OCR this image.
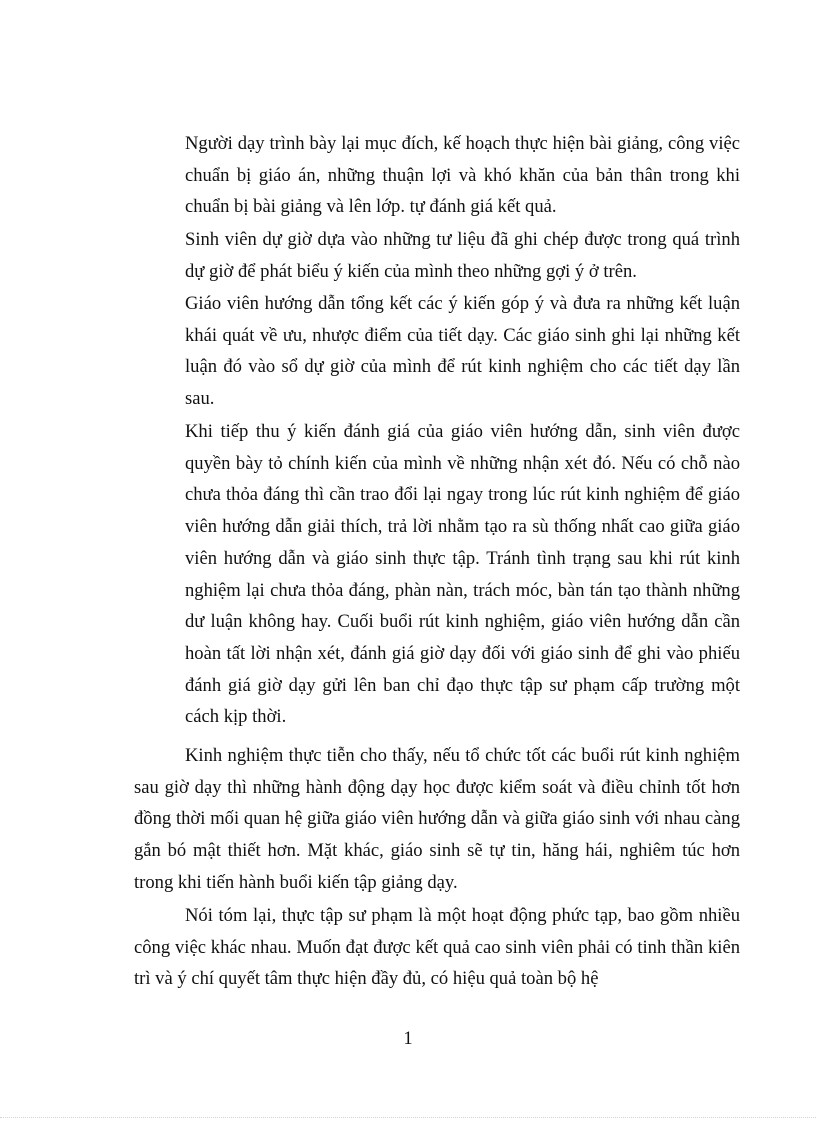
Người dạy trình bày lại mục đích, kế hoạch thực hiện bài giảng, công việc chuẩn bị giáo án, những thuận lợi và khó khăn của bản thân trong khi chuẩn bị bài giảng và lên lớp. tự đánh giá kết quả.

Sinh viên dự giờ dựa vào những tư liệu đã ghi chép được trong quá trình dự giờ để phát biểu ý kiến của mình theo những gợi ý ở trên.

Giáo viên hướng dẫn tổng kết các ý kiến góp ý và đưa ra những kết luận khái quát về ưu, nhược điểm của tiết dạy. Các giáo sinh ghi lại những kết luận đó vào sổ dự giờ của mình để rút kinh nghiệm cho các tiết dạy lần sau.

Khi tiếp thu ý kiến đánh giá của giáo viên hướng dẫn, sinh viên được quyền bày tỏ chính kiến của mình về những nhận xét đó. Nếu có chỗ nào chưa thỏa đáng thì cần trao đổi lại ngay trong lúc rút kinh nghiệm để giáo viên hướng dẫn giải thích, trả lời nhằm tạo ra sù thống nhất cao giữa giáo viên hướng dẫn và giáo sinh thực tập. Tránh tình trạng sau khi rút kinh nghiệm lại chưa thỏa đáng, phàn nàn, trách móc, bàn tán tạo thành những dư luận không hay. Cuối buổi rút kinh nghiệm, giáo viên hướng dẫn cần hoàn tất lời nhận xét, đánh giá giờ dạy đối với giáo sinh để ghi vào phiếu đánh giá giờ dạy gửi lên ban chỉ đạo thực tập sư phạm cấp trường một cách kịp thời.

Kinh nghiệm thực tiễn cho thấy, nếu tổ chức tốt các buổi rút kinh nghiệm sau giờ dạy thì những hành động dạy học được kiểm soát và điều chỉnh tốt hơn đồng thời mối quan hệ giữa giáo viên hướng dẫn và giữa giáo sinh với nhau càng gắn bó mật thiết hơn. Mặt khác, giáo sinh sẽ tự tin, hăng hái, nghiêm túc hơn trong khi tiến hành buổi kiến tập giảng dạy.

Nói tóm lại, thực tập sư phạm là một hoạt động phức tạp, bao gồm nhiều công việc khác nhau. Muốn đạt được kết quả cao sinh viên phải có tinh thần kiên trì và ý chí quyết tâm thực hiện đầy đủ, có hiệu quả toàn bộ hệ

1
